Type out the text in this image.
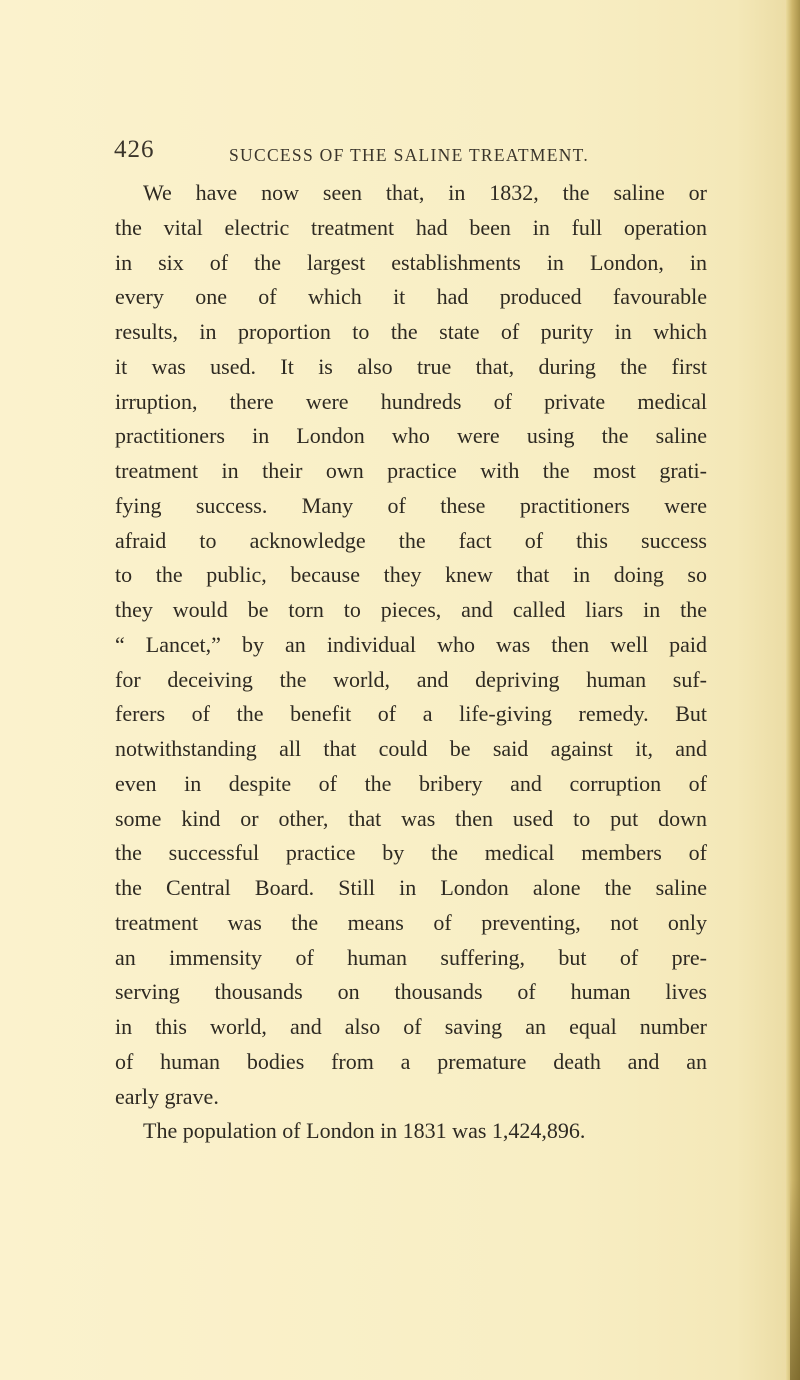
426	SUCCESS OF THE SALINE TREATMENT.
We have now seen that, in 1832, the saline or
the vital electric treatment had been in full operation
in six of the largest establishments in London, in
every one of which it had produced favourable
results, in proportion to the state of purity in which
it was used. It is also true that, during the first
irruption, there were hundreds of private medical
practitioners in London who were using the saline
treatment in their own practice with the most grati-
fying success. Many of these practitioners were
afraid to acknowledge the fact of this success
to the public, because they knew that in doing so
they would be torn to pieces, and called liars in the
“ Lancet,” by an individual who was then well paid
for deceiving the world, and depriving human suf-
ferers of the benefit of a life-giving remedy. But
notwithstanding all that could be said against it, and
even in despite of the bribery and corruption of
some kind or other, that was then used to put down
the successful practice by the medical members of
the Central Board. Still in London alone the saline
treatment was the means of preventing, not only
an immensity of human suffering, but of pre-
serving thousands on thousands of human lives
in this world, and also of saving an equal number
of human bodies from a premature death and an
early grave.
The population of London in 1831 was 1,424,896.
